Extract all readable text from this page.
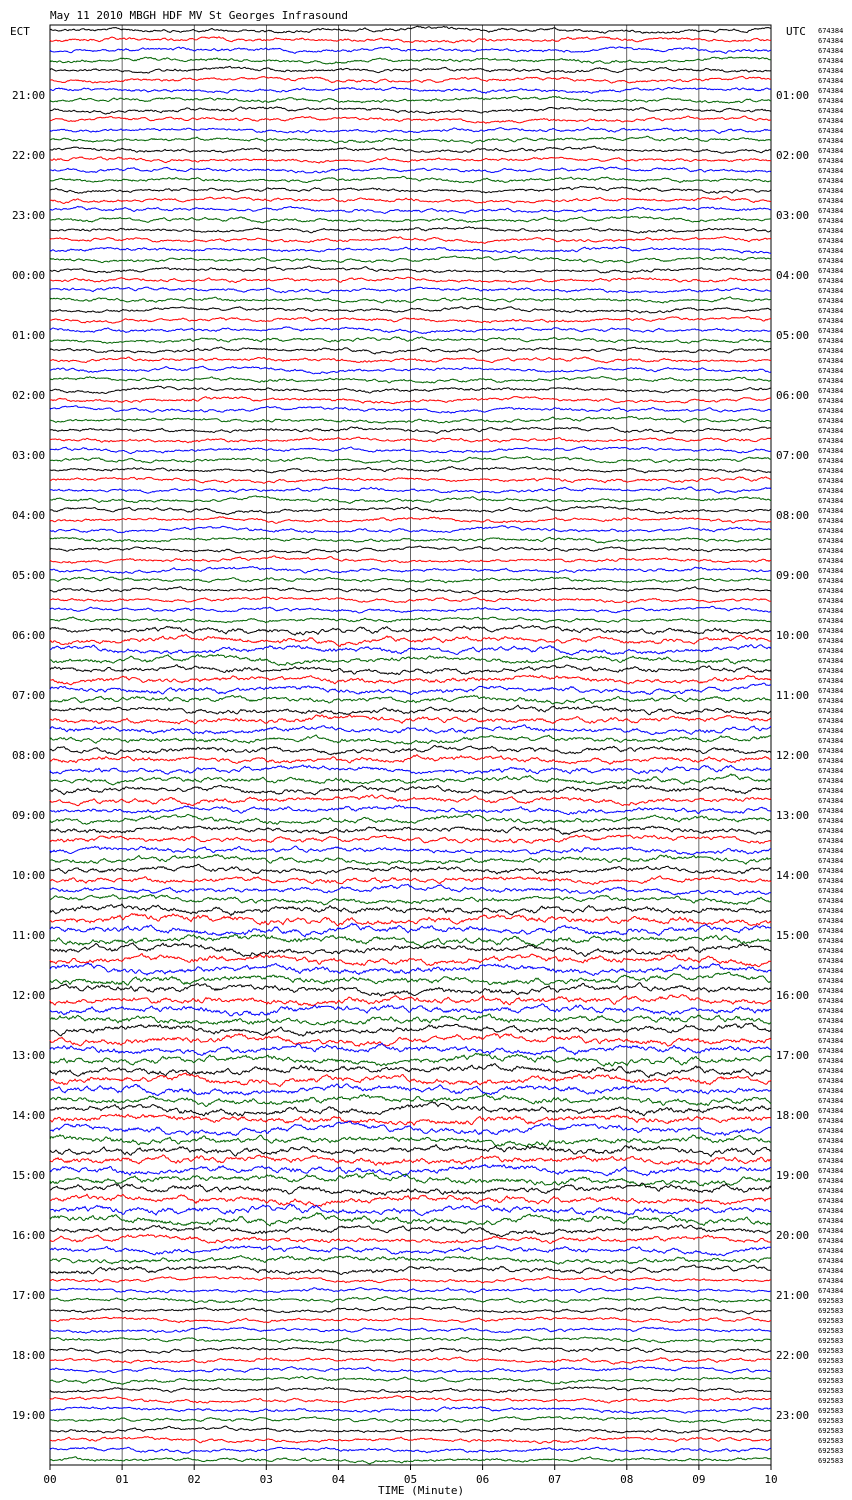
May 11 2010 MBGH HDF MV St Georges Infrasound
ECT	UTC
21:00
22:00
23:00
00:00
01:00
02:00
03:00
04:00
05:00
06:00
07:00
08:00
09:00
10:00
11:00
12:00
13:00
14:00
15:00
16:00
17:00
18:00
19:00
01:00
02:00
03:00
04:00
05:00
06:00
07:00
08:00
09:00
10:00
11:00
12:00
13:00
14:00
15:00
16:00
17:00
18:00
19:00
20:00
21:00
22:00
23:00
674384
674384
674384
674384
674384
674384
674384
674384
674384
674384
674384
674384
674384
674384
674384
674384
674384
674384
674384
674384
674384
674384
674384
674384
674384
674384
674384
674384
674384
674384
674384
674384
674384
674384
674384
674384
674384
674384
674384
674384
674384
674384
674384
674384
674384
674384
674384
674384
674384
674384
674384
674384
674384
674384
674384
674384
674384
674384
674384
674384
674384
674384
674384
674384
674384
674384
674384
674384
674384
674384
674384
674384
674384
674384
674384
674384
674384
674384
674384
674384
674384
674384
674384
674384
674384
674384
674384
674384
674384
674384
674384
674384
674384
674384
674384
674384
674384
674384
674384
674384
674384
674384
674384
674384
674384
674384
674384
674384
674384
674384
674384
674384
674384
674384
674384
674384
674384
674384
674384
674384
674384
674384
674384
674384
674384
674384
674384
692583
692583
692583
692583
692583
692583
692583
692583
692583
692583
692583
692583
692583
692583
692583
692583
692583
00	01	02	03	04	05	06	07	08	09	10
TIME (Minute)
